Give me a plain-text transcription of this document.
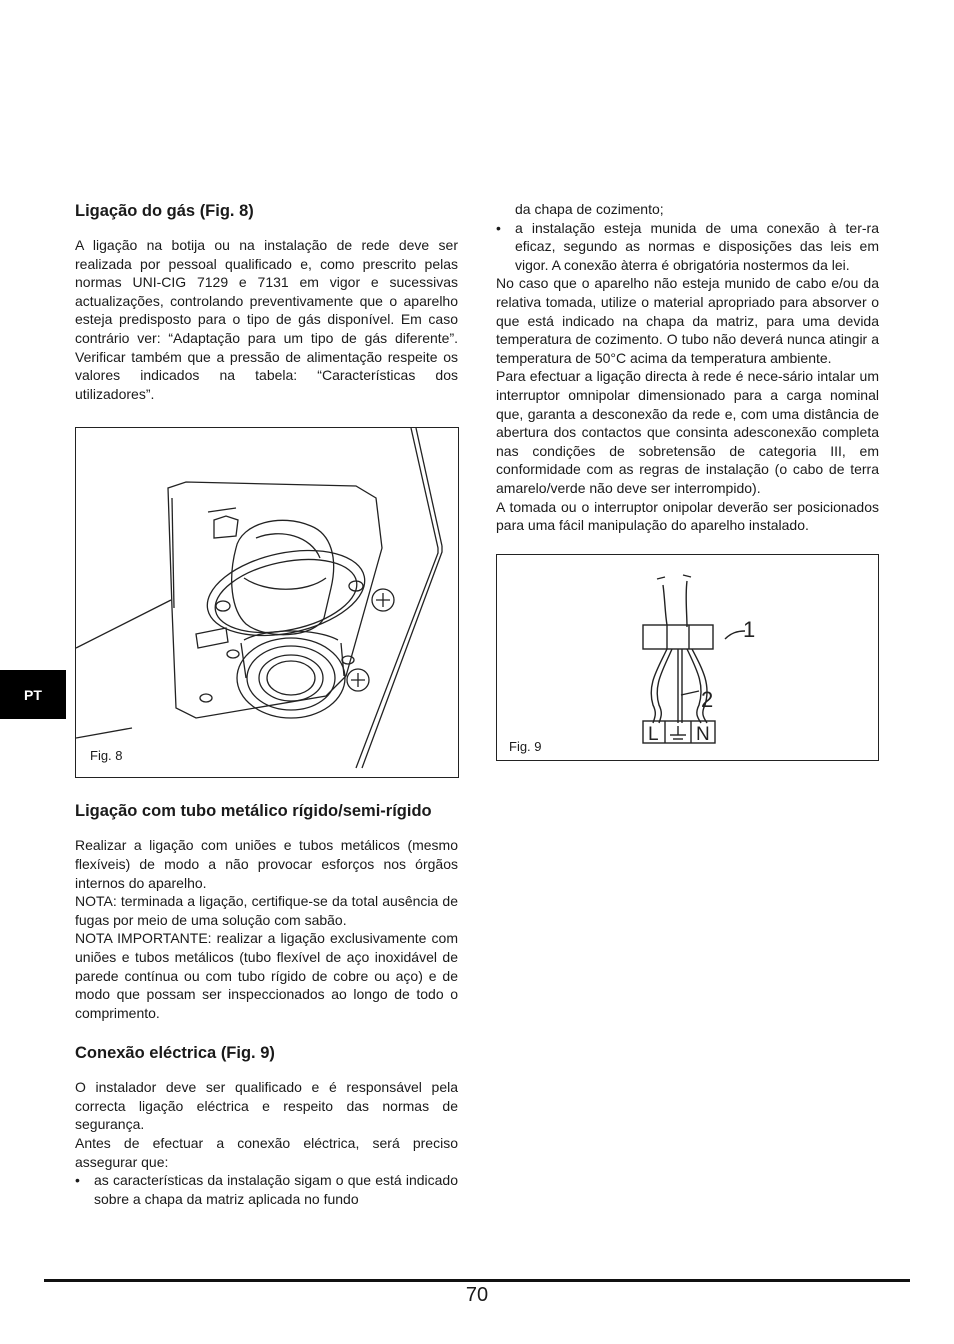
Ligação do gás (Fig. 8)

A ligação na botija ou na instalação de rede deve ser realizada por pessoal qualificado e, como prescrito pelas normas UNI-CIG 7129 e 7131 em vigor e sucessivas actualizações, controlando preventivamente que o aparelho esteja predisposto para o tipo de gás disponível. Em caso contrário ver: “Adaptação para um tipo de gás diferente”. Verificar também que a pressão de alimentação respeite os valores indicados na tabela: “Características dos utilizadores”.

Fig. 8
Ligação com tubo metálico rígido/semi-rígido

Realizar a ligação com uniões e tubos metálicos (mesmo flexíveis) de modo a não provocar esforços nos órgãos internos do aparelho.

NOTA: terminada a ligação, certifique-se da total ausência de fugas por meio de uma solução com sabão.

NOTA IMPORTANTE: realizar a ligação exclusivamente com uniões e tubos metálicos (tubo flexível de aço inoxidável de parede contínua ou com tubo rígido de cobre ou aço) e de modo que possam ser inspeccionados ao longo de todo o comprimento.

Conexão eléctrica (Fig. 9)

O instalador deve ser qualificado e é responsável pela correcta ligação eléctrica e respeito das normas de segurança.

Antes de efectuar a conexão eléctrica, será preciso assegurar que:

• as características da instalação sigam o que está indicado sobre a chapa da matriz aplicada no fundo

da chapa de cozimento;

• a instalação esteja munida de uma conexão à ter-ra eficaz, segundo as normas e disposições das leis em vigor. A conexão àterra é obrigatória nostermos da lei.

No caso que o aparelho não esteja munido de cabo e/ou da relativa tomada, utilize o material apropriado para absorver o que está indicado na chapa da matriz, para uma devida temperatura de cozimento. O tubo não deverá nunca atingir a temperatura de 50°C acima da temperatura ambiente.

Para efectuar a ligação directa à rede é nece-sário intalar um interruptor omnipolar dimensionado para a carga nominal que, garanta a desconexão da rede e, com uma distância de abertura dos contactos que consinta adesconexão completa nas condições de sobretensão de categoria III, em conformidade com as regras de instalação (o cabo de terra amarelo/verde não deve ser interrompido).

A tomada ou o interruptor onipolar deverão ser posicionados para uma fácil manipulação do aparelho instalado.

1
2
L N
Fig. 9
PT
70
